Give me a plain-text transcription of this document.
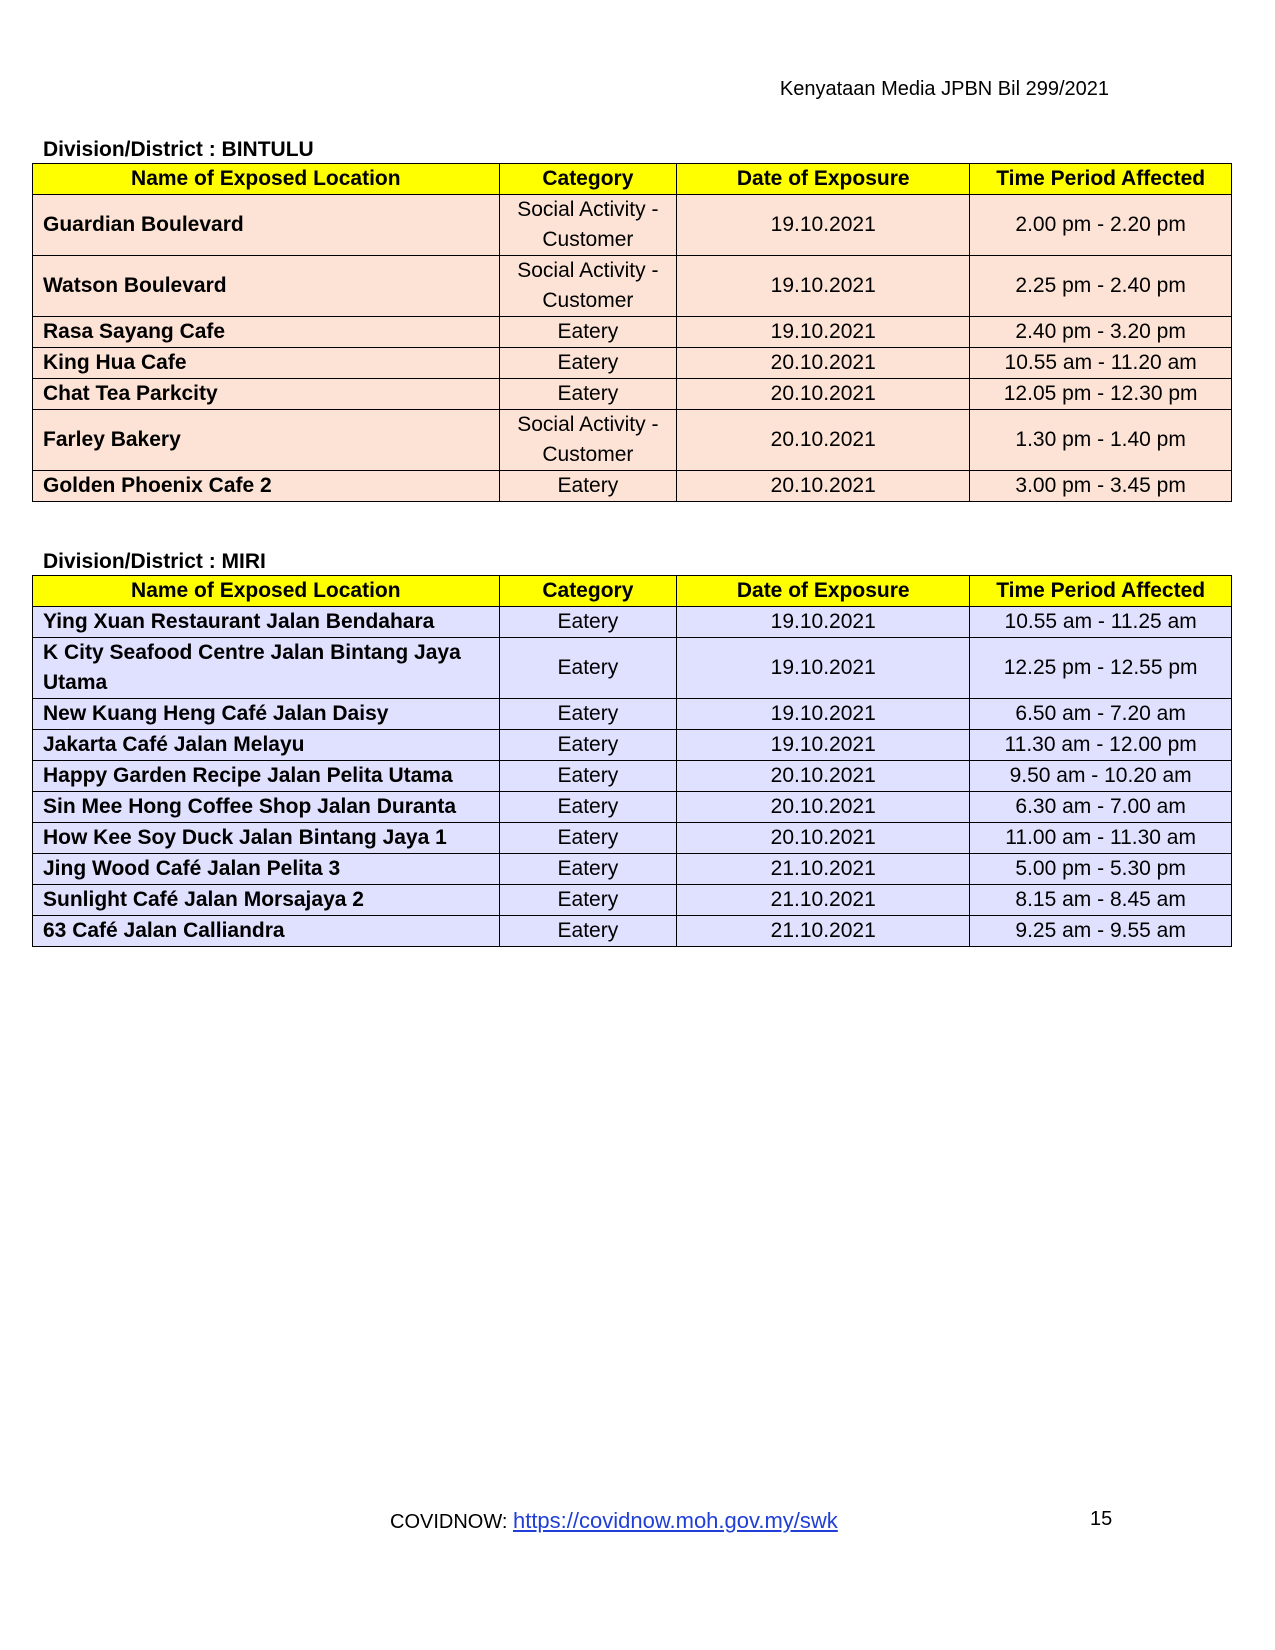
Kenyataan Media JPBN Bil 299/2021
Division/District : BINTULU
Name of Exposed Location	Category	Date of Exposure	Time Period Affected
Guardian Boulevard	Social Activity - Customer	19.10.2021	2.00 pm - 2.20 pm
Watson Boulevard	Social Activity - Customer	19.10.2021	2.25 pm - 2.40 pm
Rasa Sayang Cafe	Eatery	19.10.2021	2.40 pm - 3.20 pm
King Hua Cafe	Eatery	20.10.2021	10.55 am - 11.20 am
Chat Tea Parkcity	Eatery	20.10.2021	12.05 pm - 12.30 pm
Farley Bakery	Social Activity - Customer	20.10.2021	1.30 pm - 1.40 pm
Golden Phoenix Cafe 2	Eatery	20.10.2021	3.00 pm - 3.45 pm
Division/District : MIRI
Name of Exposed Location	Category	Date of Exposure	Time Period Affected
Ying Xuan Restaurant Jalan Bendahara	Eatery	19.10.2021	10.55 am - 11.25 am
K City Seafood Centre Jalan Bintang Jaya Utama	Eatery	19.10.2021	12.25 pm - 12.55 pm
New Kuang Heng Café Jalan Daisy	Eatery	19.10.2021	6.50 am - 7.20 am
Jakarta Café Jalan Melayu	Eatery	19.10.2021	11.30 am - 12.00 pm
Happy Garden Recipe Jalan Pelita Utama	Eatery	20.10.2021	9.50 am - 10.20 am
Sin Mee Hong Coffee Shop Jalan Duranta	Eatery	20.10.2021	6.30 am - 7.00 am
How Kee Soy Duck Jalan Bintang Jaya 1	Eatery	20.10.2021	11.00 am - 11.30 am
Jing Wood Café Jalan Pelita 3	Eatery	21.10.2021	5.00 pm - 5.30 pm
Sunlight Café Jalan Morsajaya 2	Eatery	21.10.2021	8.15 am - 8.45 am
63 Café Jalan Calliandra	Eatery	21.10.2021	9.25 am - 9.55 am
COVIDNOW: https://covidnow.moh.gov.my/swk	15
